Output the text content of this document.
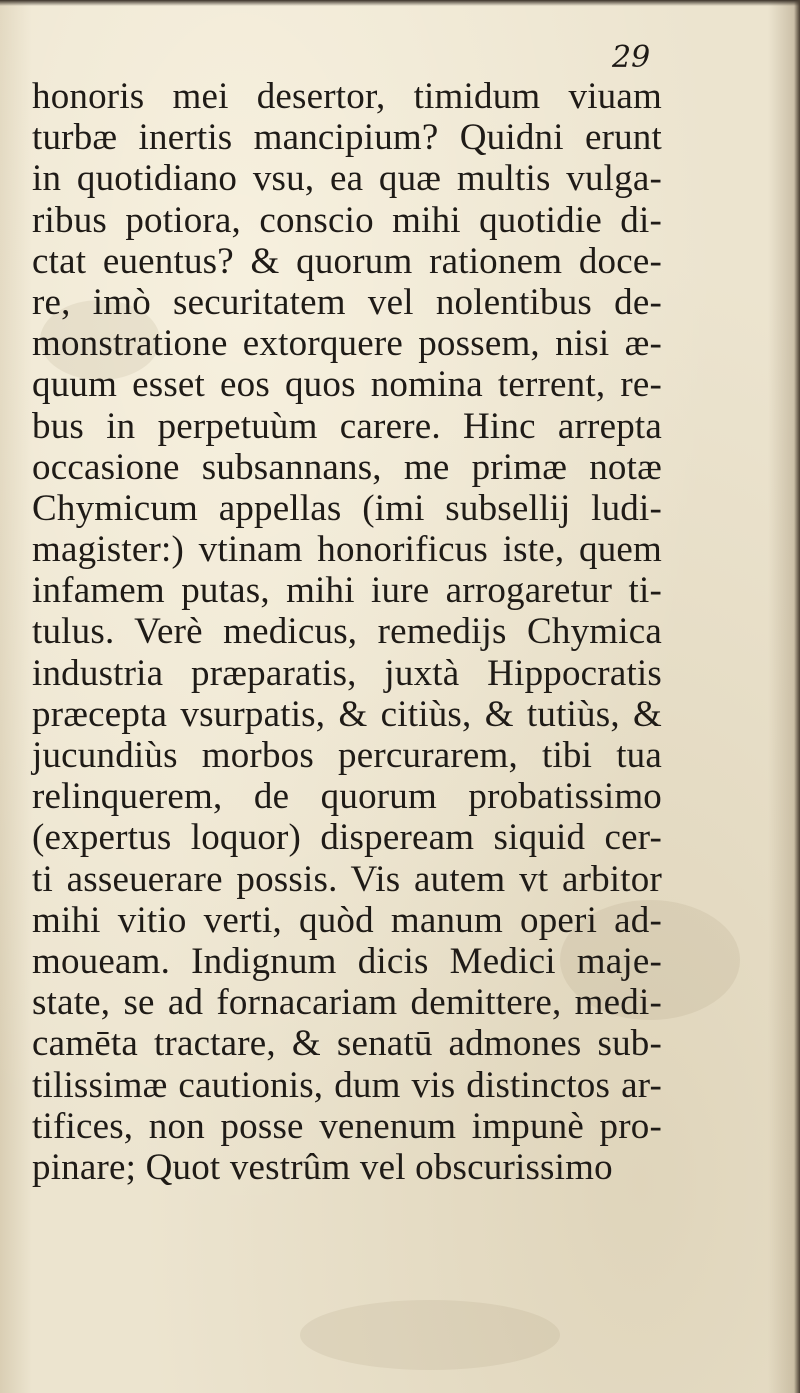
29
honoris mei desertor, timidum viuam
turbæ inertis mancipium? Quidni erunt
in quotidiano vsu, ea quæ multis vulga-
ribus potiora, conscio mihi quotidie di-
ctat euentus? & quorum rationem doce-
re, imò securitatem vel nolentibus de-
monstratione extorquere possem, nisi æ-
quum esset eos quos nomina terrent, re-
bus in perpetuùm carere. Hinc arrepta
occasione subsannans, me primæ notæ
Chymicum appellas (imi subsellij ludi-
magister:) vtinam honorificus iste, quem
infamem putas, mihi iure arrogaretur ti-
tulus. Verè medicus, remedijs Chymica
industria præparatis, juxtà Hippocratis
præcepta vsurpatis, & citiùs, & tutiùs, &
jucundiùs morbos percurarem, tibi tua
relinquerem, de quorum probatissimo
(expertus loquor) dispeream siquid cer-
ti asseuerare possis. Vis autem vt arbitor
mihi vitio verti, quòd manum operi ad-
moueam. Indignum dicis Medici maje-
state, se ad fornacariam demittere, medi-
camēta tractare, & senatū admones sub-
tilissimæ cautionis, dum vis distinctos ar-
tifices, non posse venenum impunè pro-
pinare; Quot vestrûm vel obscurissimo
